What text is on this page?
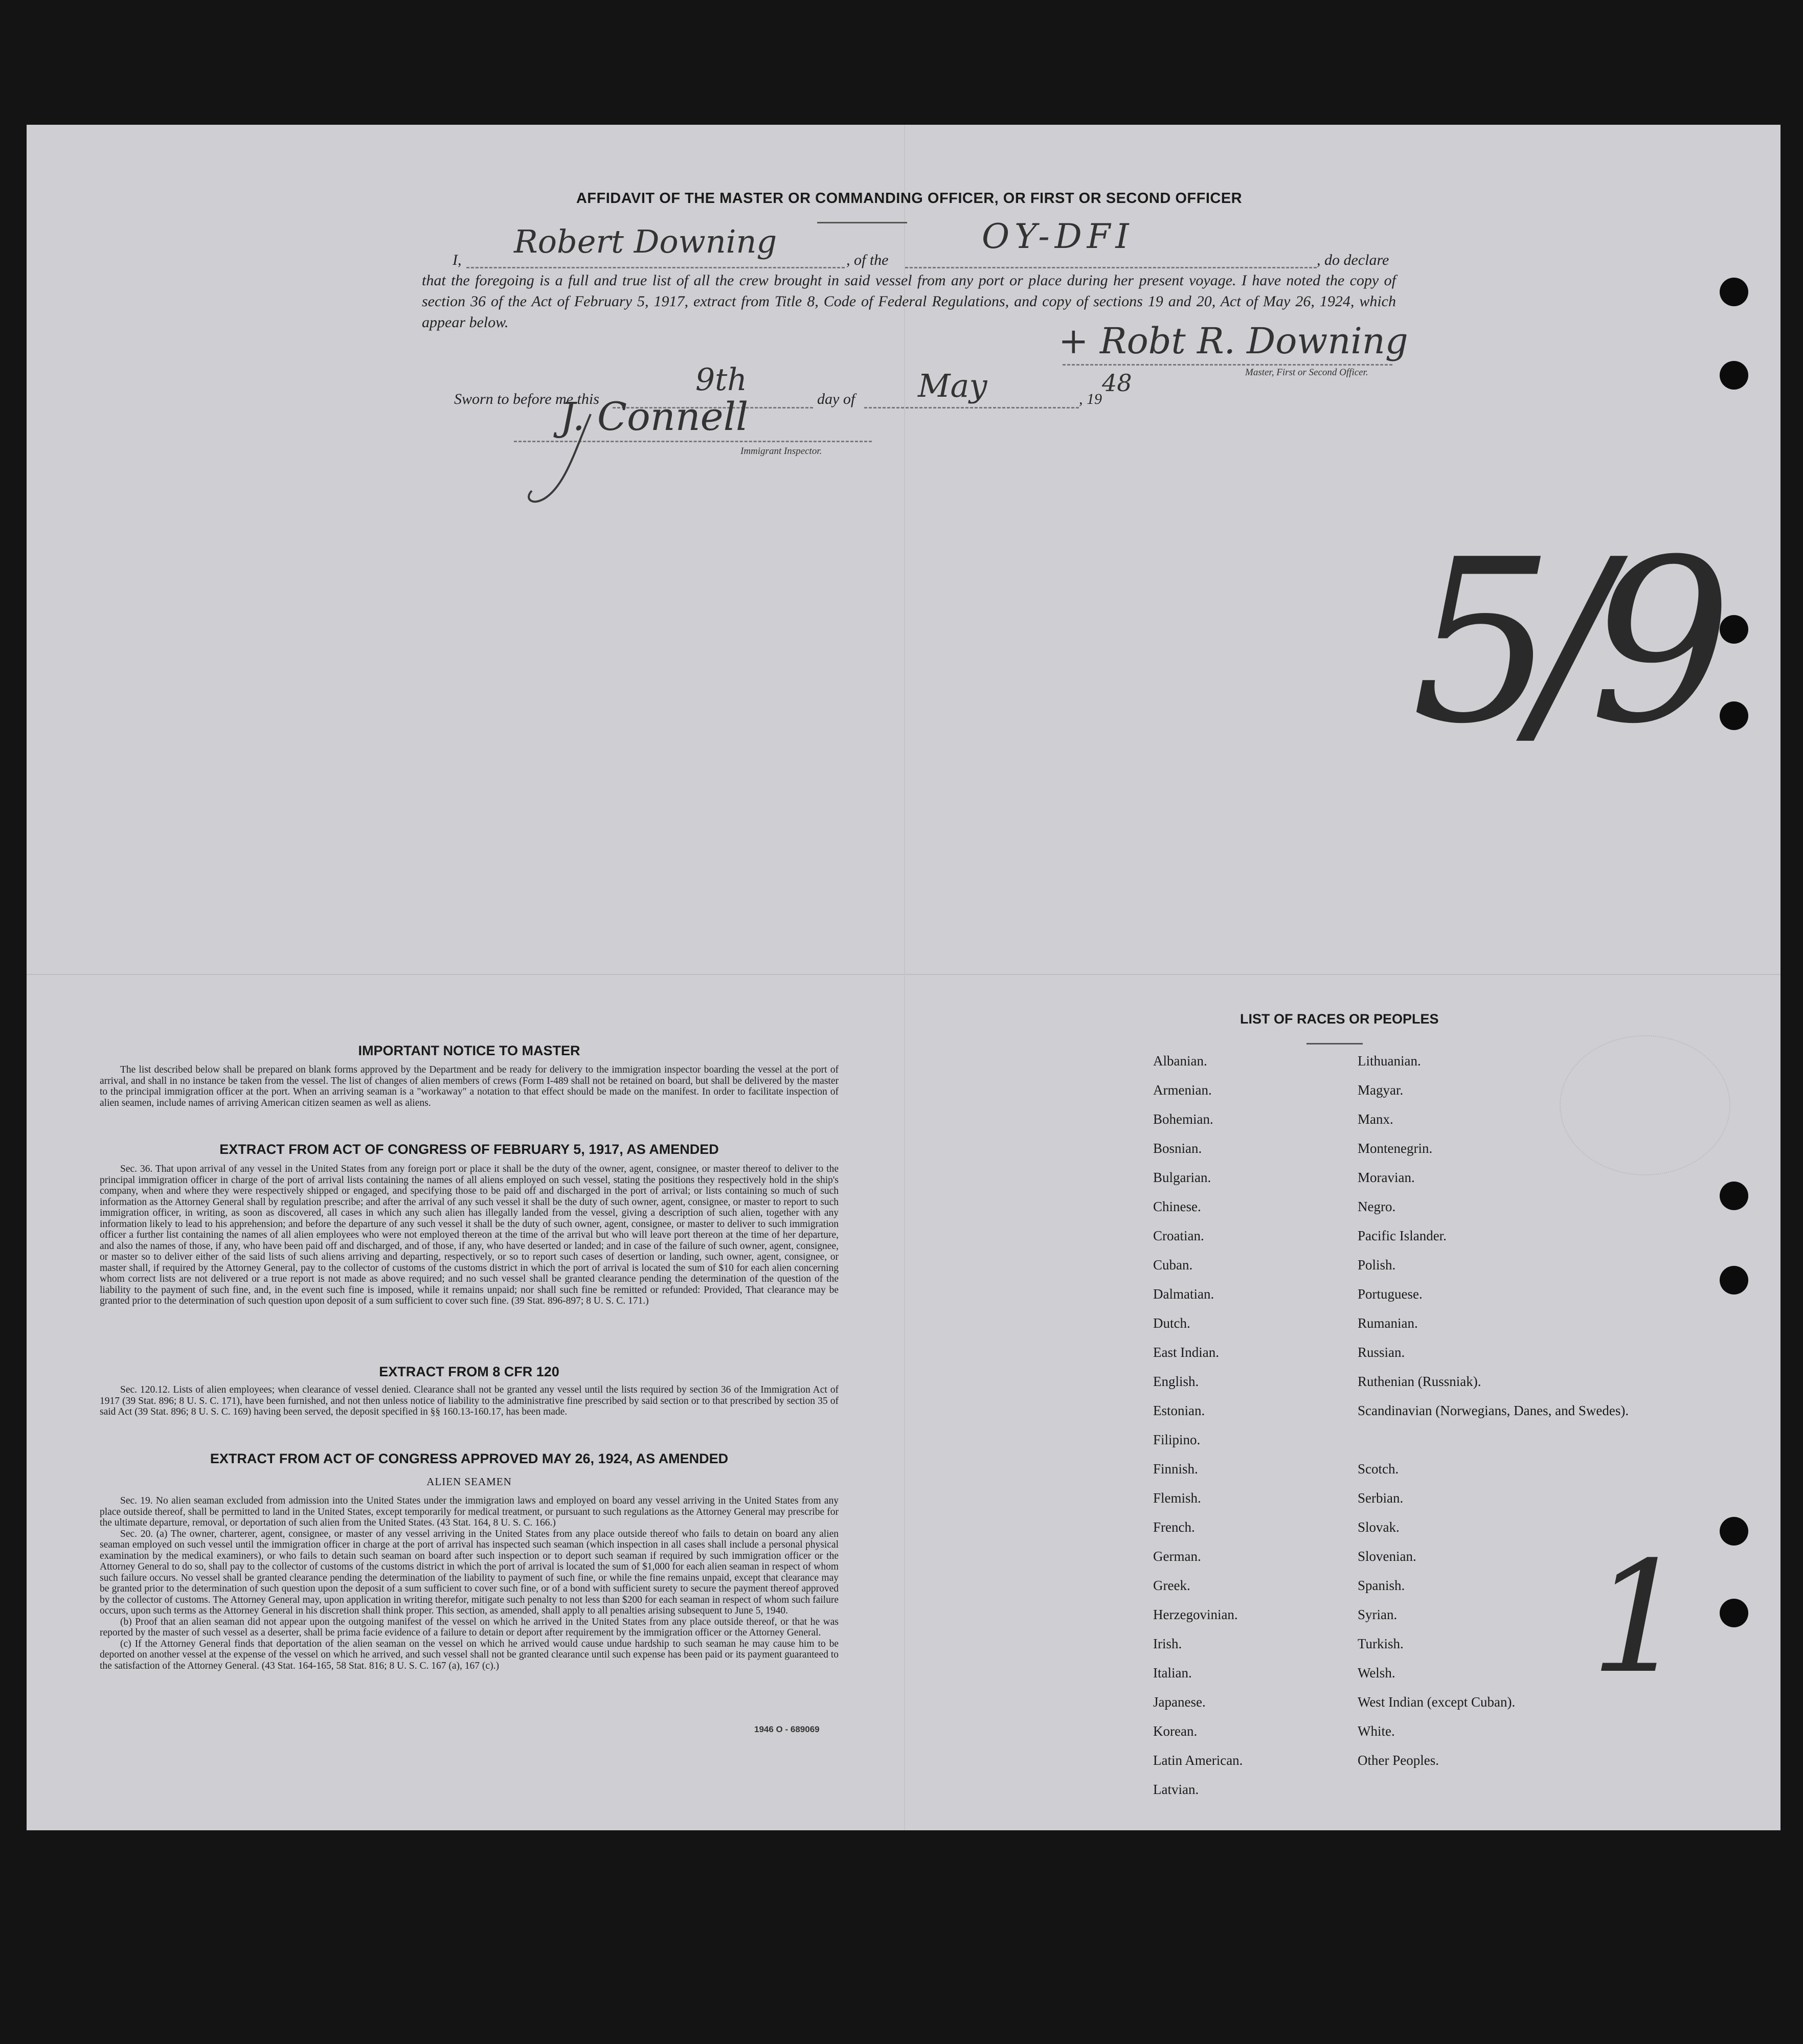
AFFIDAVIT OF THE MASTER OR COMMANDING OFFICER, OR FIRST OR SECOND OFFICER
I, Robert Downing	, of the
OY-DFI
, do declare
that the foregoing is a full and true list of all the crew brought in said vessel from any port or place during her present voyage. I have noted the copy of section 36 of the Act of February 5, 1917, extract from Title 8, Code of Federal Regulations, and copy of sections 19 and 20, Act of May 26, 1924, which appear below.	+ Robt R. Downing
Master, First or Second Officer.
Sworn to before me this
9th
day of May	, 19
48
J. Connell
Immigrant Inspector.
5/9
1
IMPORTANT NOTICE TO MASTER

The list described below shall be prepared on blank forms approved by the Department and be ready for delivery to the immigration inspector boarding the vessel at the port of arrival, and shall in no instance be taken from the vessel. The list of changes of alien members of crews (Form I-489 shall not be retained on board, but shall be delivered by the master to the principal immigration officer at the port. When an arriving seaman is a "workaway" a notation to that effect should be made on the manifest. In order to facilitate inspection of alien seamen, include names of arriving American citizen seamen as well as aliens.

EXTRACT FROM ACT OF CONGRESS OF FEBRUARY 5, 1917, AS AMENDED

Sec. 36. That upon arrival of any vessel in the United States from any foreign port or place it shall be the duty of the owner, agent, consignee, or master thereof to deliver to the principal immigration officer in charge of the port of arrival lists containing the names of all aliens employed on such vessel, stating the positions they respectively hold in the ship's company, when and where they were respectively shipped or engaged, and specifying those to be paid off and discharged in the port of arrival; or lists containing so much of such information as the Attorney General shall by regulation prescribe; and after the arrival of any such vessel it shall be the duty of such owner, agent, consignee, or master to report to such immigration officer, in writing, as soon as discovered, all cases in which any such alien has illegally landed from the vessel, giving a description of such alien, together with any information likely to lead to his apprehension; and before the departure of any such vessel it shall be the duty of such owner, agent, consignee, or master to deliver to such immigration officer a further list containing the names of all alien employees who were not employed thereon at the time of the arrival but who will leave port thereon at the time of her departure, and also the names of those, if any, who have been paid off and discharged, and of those, if any, who have deserted or landed; and in case of the failure of such owner, agent, consignee, or master so to deliver either of the said lists of such aliens arriving and departing, respectively, or so to report such cases of desertion or landing, such owner, agent, consignee, or master shall, if required by the Attorney General, pay to the collector of customs of the customs district in which the port of arrival is located the sum of $10 for each alien concerning whom correct lists are not delivered or a true report is not made as above required; and no such vessel shall be granted clearance pending the determination of the question of the liability to the payment of such fine, and, in the event such fine is imposed, while it remains unpaid; nor shall such fine be remitted or refunded: Provided, That clearance may be granted prior to the determination of such question upon deposit of a sum sufficient to cover such fine. (39 Stat. 896-897; 8 U. S. C. 171.)

EXTRACT FROM 8 CFR 120

Sec. 120.12. Lists of alien employees; when clearance of vessel denied. Clearance shall not be granted any vessel until the lists required by section 36 of the Immigration Act of 1917 (39 Stat. 896; 8 U. S. C. 171), have been furnished, and not then unless notice of liability to the administrative fine prescribed by said section or to that prescribed by section 35 of said Act (39 Stat. 896; 8 U. S. C. 169) having been served, the deposit specified in §§ 160.13-160.17, has been made.

EXTRACT FROM ACT OF CONGRESS APPROVED MAY 26, 1924, AS AMENDED
ALIEN SEAMEN

Sec. 19. No alien seaman excluded from admission into the United States under the immigration laws and employed on board any vessel arriving in the United States from any place outside thereof, shall be permitted to land in the United States, except temporarily for medical treatment, or pursuant to such regulations as the Attorney General may prescribe for the ultimate departure, removal, or deportation of such alien from the United States. (43 Stat. 164, 8 U. S. C. 166.)

Sec. 20. (a) The owner, charterer, agent, consignee, or master of any vessel arriving in the United States from any place outside thereof who fails to detain on board any alien seaman employed on such vessel until the immigration officer in charge at the port of arrival has inspected such seaman (which inspection in all cases shall include a personal physical examination by the medical examiners), or who fails to detain such seaman on board after such inspection or to deport such seaman if required by such immigration officer or the Attorney General to do so, shall pay to the collector of customs of the customs district in which the port of arrival is located the sum of $1,000 for each alien seaman in respect of whom such failure occurs. No vessel shall be granted clearance pending the determination of the liability to payment of such fine, or while the fine remains unpaid, except that clearance may be granted prior to the determination of such question upon the deposit of a sum sufficient to cover such fine, or of a bond with sufficient surety to secure the payment thereof approved by the collector of customs. The Attorney General may, upon application in writing therefor, mitigate such penalty to not less than $200 for each seaman in respect of whom such failure occurs, upon such terms as the Attorney General in his discretion shall think proper. This section, as amended, shall apply to all penalties arising subsequent to June 5, 1940.

(b) Proof that an alien seaman did not appear upon the outgoing manifest of the vessel on which he arrived in the United States from any place outside thereof, or that he was reported by the master of such vessel as a deserter, shall be prima facie evidence of a failure to detain or deport after requirement by the immigration officer or the Attorney General.

(c) If the Attorney General finds that deportation of the alien seaman on the vessel on which he arrived would cause undue hardship to such seaman he may cause him to be deported on another vessel at the expense of the vessel on which he arrived, and such vessel shall not be granted clearance until such expense has been paid or its payment guaranteed to the satisfaction of the Attorney General. (43 Stat. 164-165, 58 Stat. 816; 8 U. S. C. 167 (a), 167 (c).)

1946 O - 689069
LIST OF RACES OR PEOPLES
Albanian.	Lithuanian.
Armenian.	Magyar.
Bohemian.	Manx.
Bosnian.	Montenegrin.
Bulgarian.	Moravian.
Chinese.	Negro.
Croatian.	Pacific Islander.
Cuban.	Polish.
Dalmatian.	Portuguese.
Dutch.	Rumanian.
East Indian.	Russian.
English.	Ruthenian (Russniak).
Estonian.	Scandinavian (Norwegians, Danes, and Swedes).
Filipino.
Finnish.	Scotch.
Flemish.	Serbian.
French.	Slovak.
German.	Slovenian.
Greek.	Spanish.
Herzegovinian.	Syrian.
Irish.	Turkish.
Italian.	Welsh.
Japanese.	West Indian (except Cuban).
Korean.	White.
Latin American.	Other Peoples.
Latvian.
